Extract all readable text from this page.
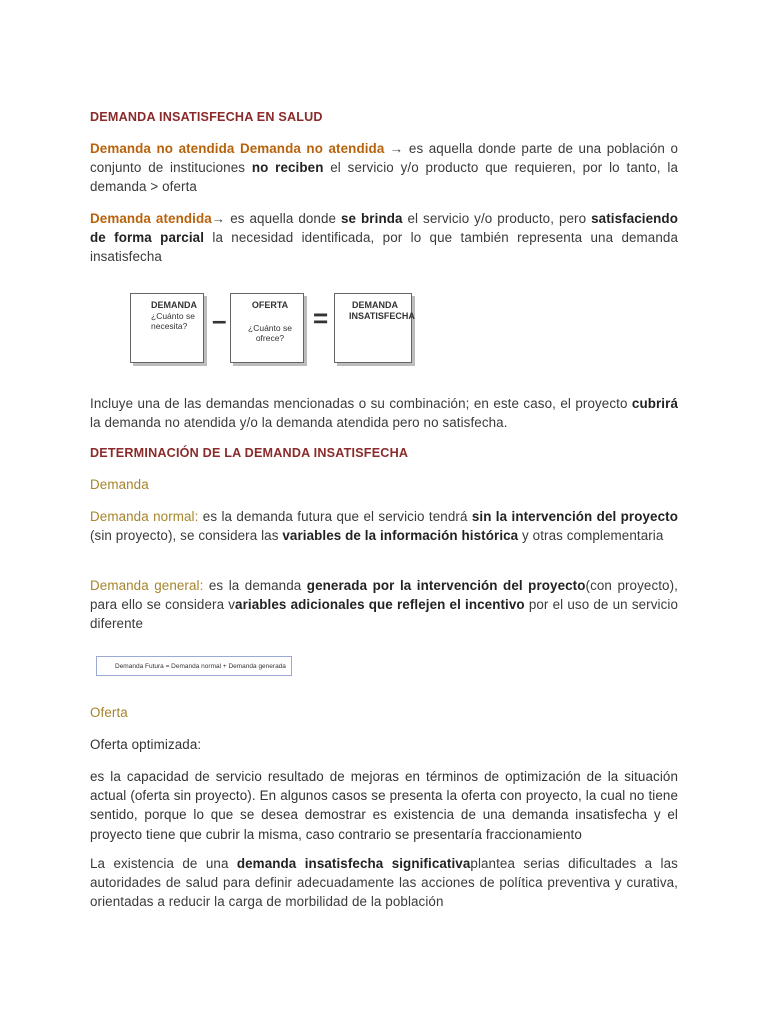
DEMANDA INSATISFECHA EN SALUD

Demanda no atendida Demanda no atendida → es aquella donde parte de una población o conjunto de instituciones no reciben el servicio y/o producto que requieren, por lo tanto, la demanda > oferta

Demanda atendida→ es aquella donde se brinda el servicio y/o producto, pero satisfaciendo de forma parcial la necesidad identificada, por lo que también representa una demanda insatisfecha

Incluye una de las demandas mencionadas o su combinación; en este caso, el proyecto cubrirá la demanda no atendida y/o la demanda atendida pero no satisfecha.

DETERMINACIÓN DE LA DEMANDA INSATISFECHA

Demanda

Demanda normal: es la demanda futura que el servicio tendrá sin la intervención del proyecto (sin proyecto), se considera las variables de la información histórica y otras complementaria

Demanda general: es la demanda generada por la intervención del proyecto(con proyecto), para ello se considera variables adicionales que reflejen el incentivo por el uso de un servicio diferente

Oferta

Oferta optimizada:

es la capacidad de servicio resultado de mejoras en términos de optimización de la situación actual (oferta sin proyecto). En algunos casos se presenta la oferta con proyecto, la cual no tiene sentido, porque lo que se desea demostrar es existencia de una demanda insatisfecha y el proyecto tiene que cubrir la misma, caso contrario se presentaría fraccionamiento

La existencia de una demanda insatisfecha significativaplantea serias dificultades a las autoridades de salud para definir adecuadamente las acciones de política preventiva y curativa, orientadas a reducir la carga de morbilidad de la población

DEMANDA
¿Cuánto se necesita? –	OFERTA
¿Cuánto se ofrece?
=	DEMANDA INSATISFECHA
Demanda Futura = Demanda normal + Demanda generada
